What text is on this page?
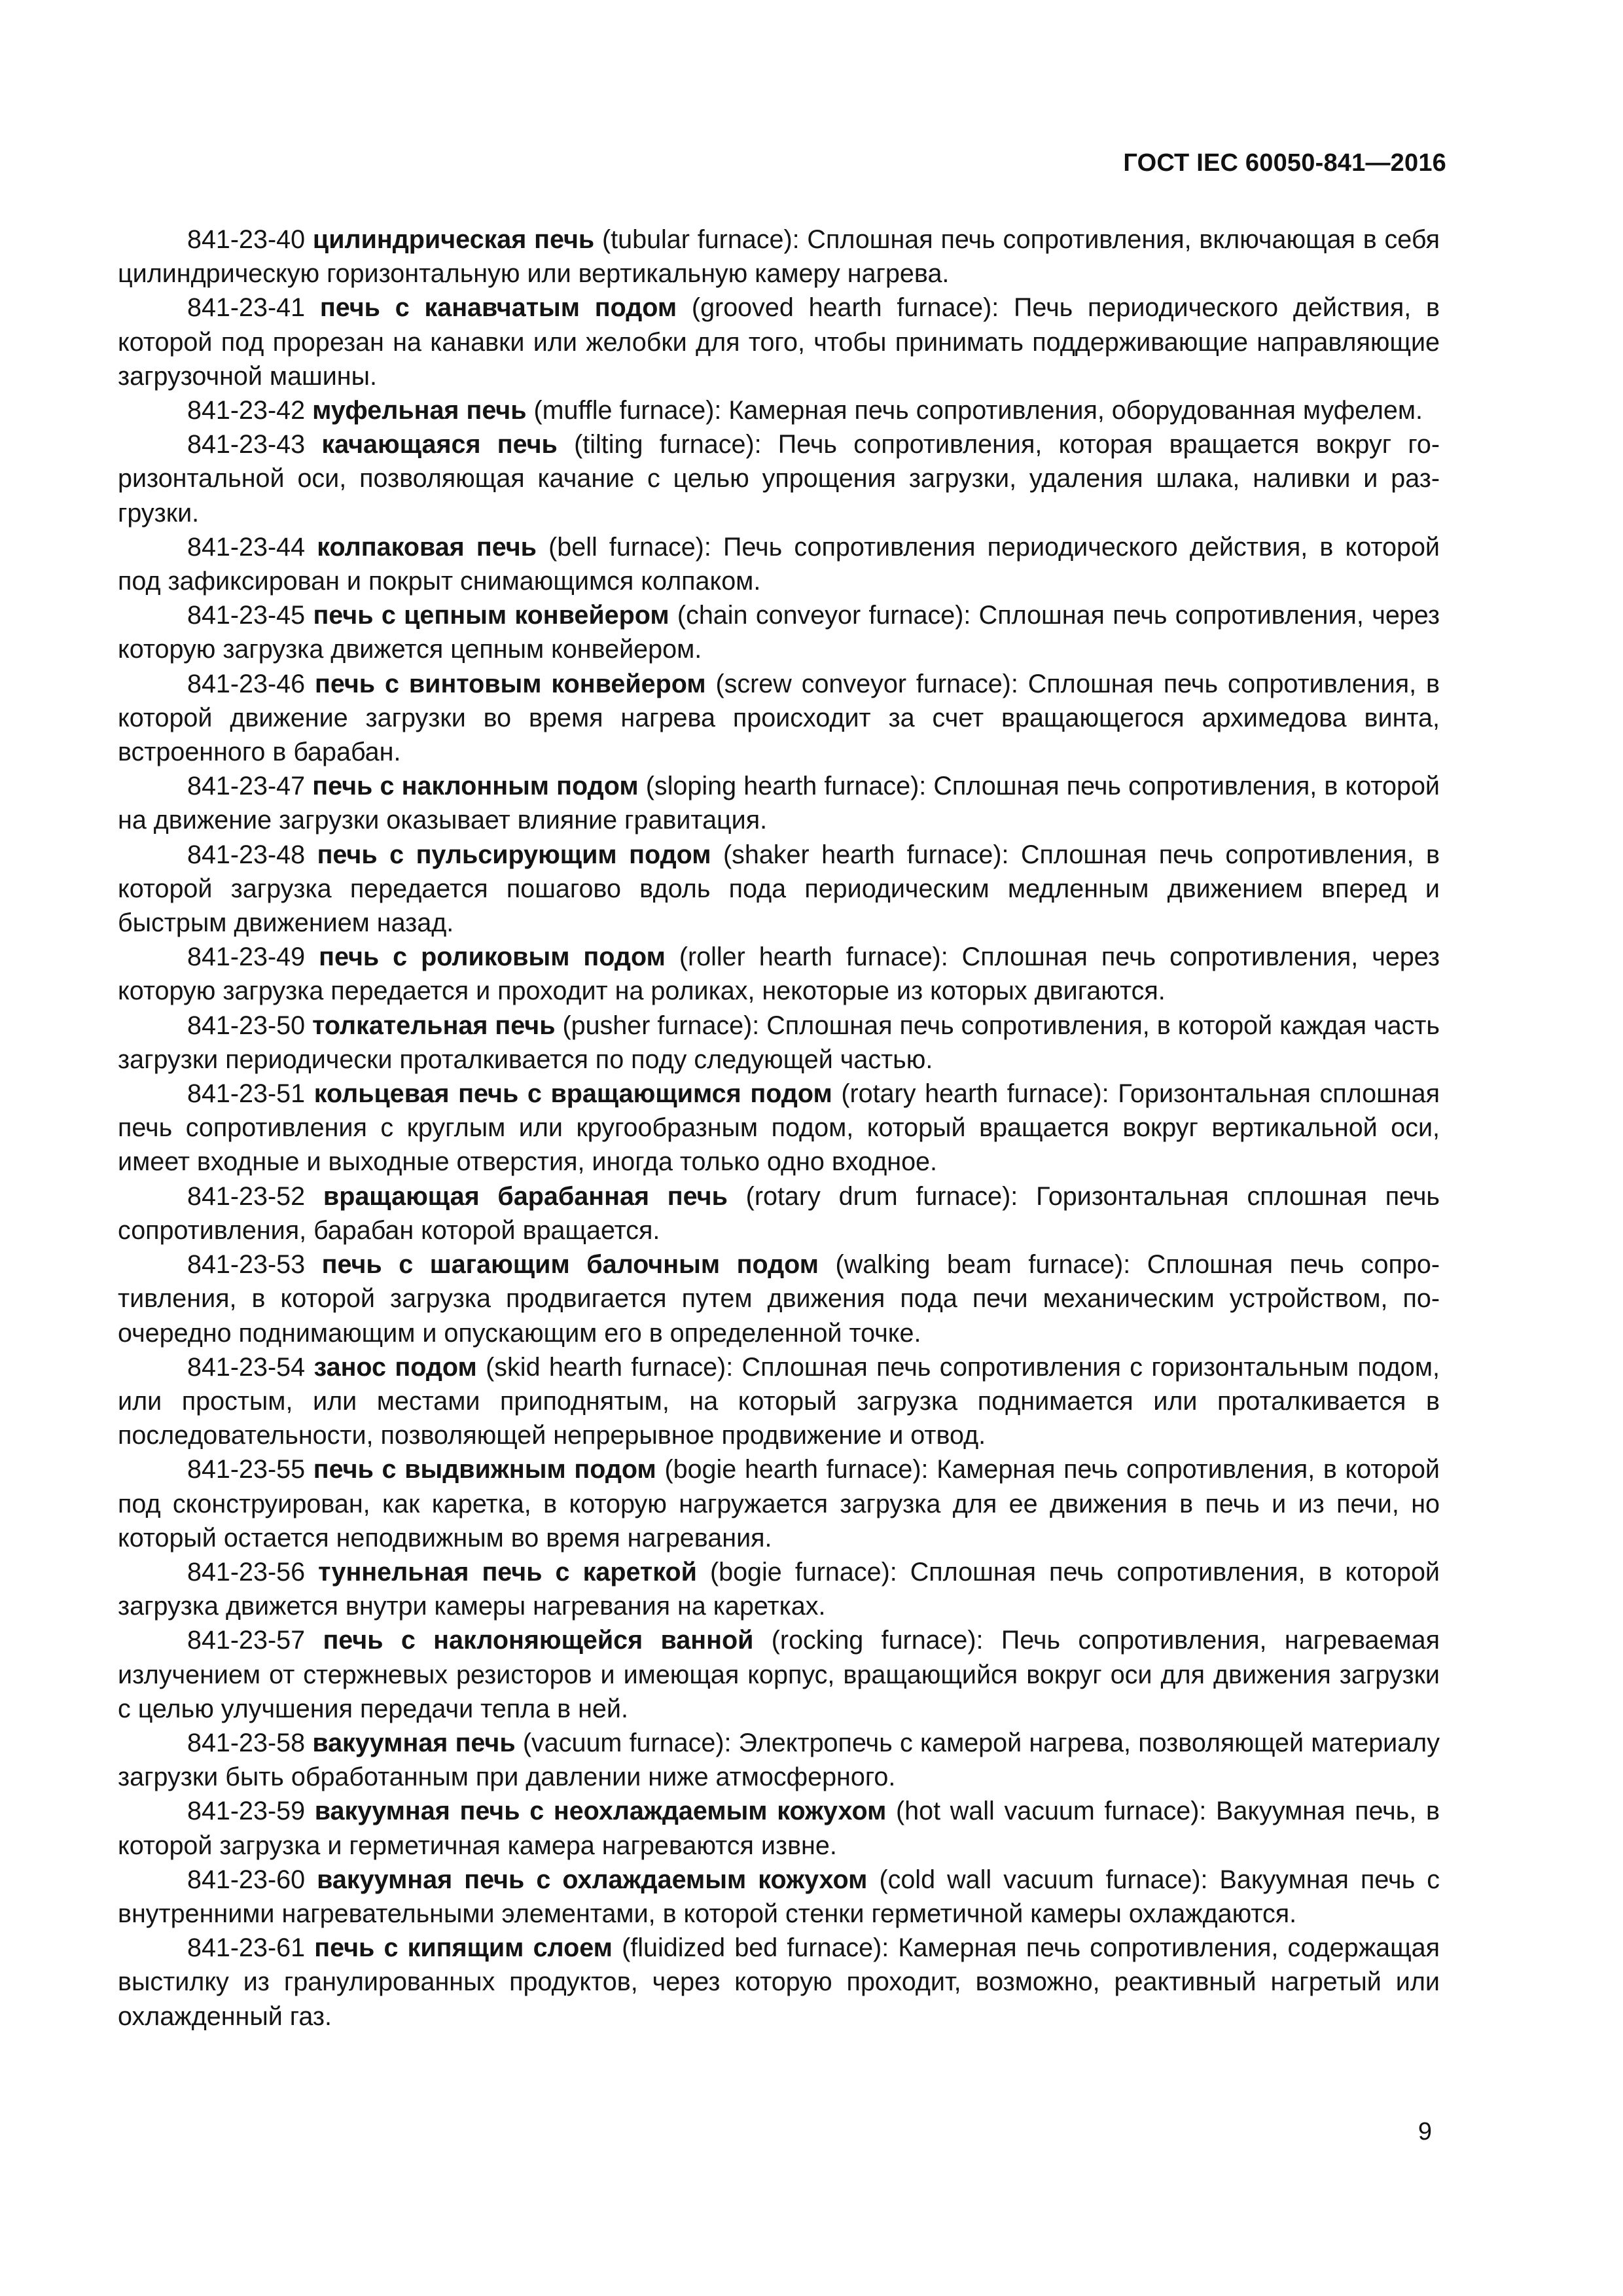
ГОСТ IEC 60050-841—2016

841-23-40 цилиндрическая печь (tubular furnace): Сплошная печь сопротивления, включающая в себя цилиндрическую горизонтальную или вертикальную камеру нагрева.

841-23-41 печь с канавчатым подом (grooved hearth furnace): Печь периодического действия, в которой под прорезан на канавки или желобки для того, чтобы принимать поддерживающие направляющие загрузочной машины.

841-23-42 муфельная печь (muffle furnace): Камерная печь сопротивления, оборудованная муфелем.

841-23-43 качающаяся печь (tilting furnace): Печь сопротивления, которая вращается вокруг горизонтальной оси, позволяющая качание с целью упрощения загрузки, удаления шлака, наливки и разгрузки.

841-23-44 колпаковая печь (bell furnace): Печь сопротивления периодического действия, в которой под зафиксирован и покрыт снимающимся колпаком.

841-23-45 печь с цепным конвейером (chain conveyor furnace): Сплошная печь сопротивления, через которую загрузка движется цепным конвейером.

841-23-46 печь с винтовым конвейером (screw conveyor furnace): Сплошная печь сопротивления, в которой движение загрузки во время нагрева происходит за счет вращающегося архимедова винта, встроенного в барабан.

841-23-47 печь с наклонным подом (sloping hearth furnace): Сплошная печь сопротивления, в которой на движение загрузки оказывает влияние гравитация.

841-23-48 печь с пульсирующим подом (shaker hearth furnace): Сплошная печь сопротивления, в которой загрузка передается пошагово вдоль пода периодическим медленным движением вперед и быстрым движением назад.

841-23-49 печь с роликовым подом (roller hearth furnace): Сплошная печь сопротивления, через которую загрузка передается и проходит на роликах, некоторые из которых двигаются.

841-23-50 толкательная печь (pusher furnace): Сплошная печь сопротивления, в которой каждая часть загрузки периодически проталкивается по поду следующей частью.

841-23-51 кольцевая печь с вращающимся подом (rotary hearth furnace): Горизонтальная сплошная печь сопротивления с круглым или кругообразным подом, который вращается вокруг вертикальной оси, имеет входные и выходные отверстия, иногда только одно входное.

841-23-52 вращающая барабанная печь (rotary drum furnace): Горизонтальная сплошная печь сопротивления, барабан которой вращается.

841-23-53 печь с шагающим балочным подом (walking beam furnace): Сплошная печь сопротивления, в которой загрузка продвигается путем движения пода печи механическим устройством, поочередно поднимающим и опускающим его в определенной точке.

841-23-54 занос подом (skid hearth furnace): Сплошная печь сопротивления с горизонтальным подом, или простым, или местами приподнятым, на который загрузка поднимается или проталкивается в последовательности, позволяющей непрерывное продвижение и отвод.

841-23-55 печь с выдвижным подом (bogie hearth furnace): Камерная печь сопротивления, в которой под сконструирован, как каретка, в которую нагружается загрузка для ее движения в печь и из печи, но который остается неподвижным во время нагревания.

841-23-56 туннельная печь с кареткой (bogie furnace): Сплошная печь сопротивления, в которой загрузка движется внутри камеры нагревания на каретках.

841-23-57 печь с наклоняющейся ванной (rocking furnace): Печь сопротивления, нагреваемая излучением от стержневых резисторов и имеющая корпус, вращающийся вокруг оси для движения загрузки с целью улучшения передачи тепла в ней.

841-23-58 вакуумная печь (vacuum furnace): Электропечь с камерой нагрева, позволяющей материалу загрузки быть обработанным при давлении ниже атмосферного.

841-23-59 вакуумная печь с неохлаждаемым кожухом (hot wall vacuum furnace): Вакуумная печь, в которой загрузка и герметичная камера нагреваются извне.

841-23-60 вакуумная печь с охлаждаемым кожухом (cold wall vacuum furnace): Вакуумная печь с внутренними нагревательными элементами, в которой стенки герметичной камеры охлаждаются.

841-23-61 печь с кипящим слоем (fluidized bed furnace): Камерная печь сопротивления, содержащая выстилку из гранулированных продуктов, через которую проходит, возможно, реактивный нагретый или охлажденный газ.

9
